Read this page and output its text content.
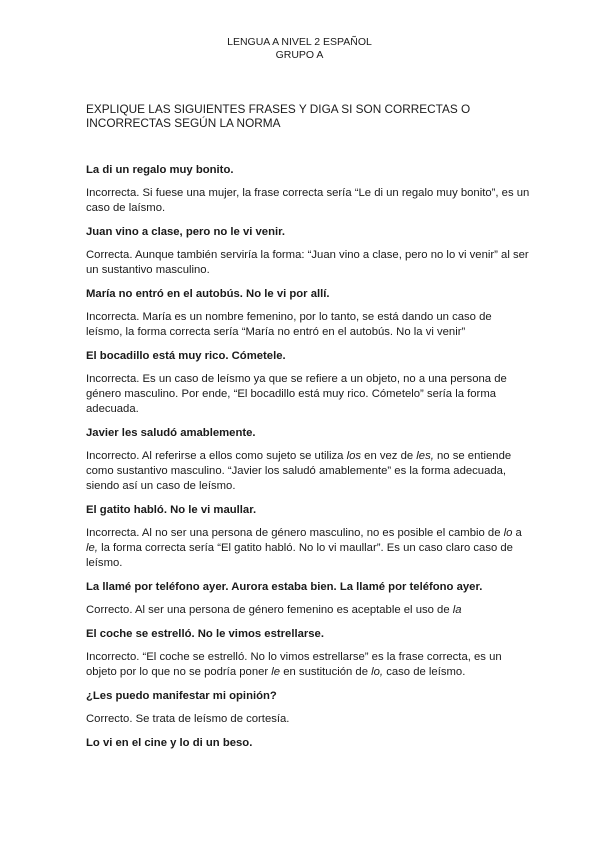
LENGUA A NIVEL 2 ESPAÑOL
GRUPO A
EXPLIQUE LAS SIGUIENTES FRASES Y DIGA SI SON CORRECTAS O
INCORRECTAS SEGÚN LA NORMA

La di un regalo muy bonito.

Incorrecta. Si fuese una mujer, la frase correcta sería “Le di un regalo muy bonito”, es un caso de laísmo.

Juan vino a clase, pero no le vi venir.

Correcta. Aunque también serviría la forma: “Juan vino a clase, pero no lo vi venir” al ser un sustantivo masculino.

María no entró en el autobús. No le vi por allí.

Incorrecta. María es un nombre femenino, por lo tanto, se está dando un caso de leísmo, la forma correcta sería “María no entró en el autobús. No la vi venir”

El bocadillo está muy rico. Cómetele.

Incorrecta. Es un caso de leísmo ya que se refiere a un objeto, no a una persona de género masculino. Por ende, “El bocadillo está muy rico. Cómetelo” sería la forma adecuada.

Javier les saludó amablemente.

Incorrecto. Al referirse a ellos como sujeto se utiliza los en vez de les, no se entiende como sustantivo masculino. “Javier los saludó amablemente” es la forma adecuada, siendo así un caso de leísmo.

El gatito habló. No le vi maullar.

Incorrecta. Al no ser una persona de género masculino, no es posible el cambio de lo a le, la forma correcta sería “El gatito habló. No lo vi maullar”. Es un caso claro caso de leísmo.

La llamé por teléfono ayer. Aurora estaba bien. La llamé por teléfono ayer.

Correcto. Al ser una persona de género femenino es aceptable el uso de la

El coche se estrelló. No le vimos estrellarse.

Incorrecto. “El coche se estrelló. No lo vimos estrellarse” es la frase correcta, es un objeto por lo que no se podría poner le en sustitución de lo, caso de leísmo.

¿Les puedo manifestar mi opinión?

Correcto. Se trata de leísmo de cortesía.

Lo vi en el cine y lo di un beso.
